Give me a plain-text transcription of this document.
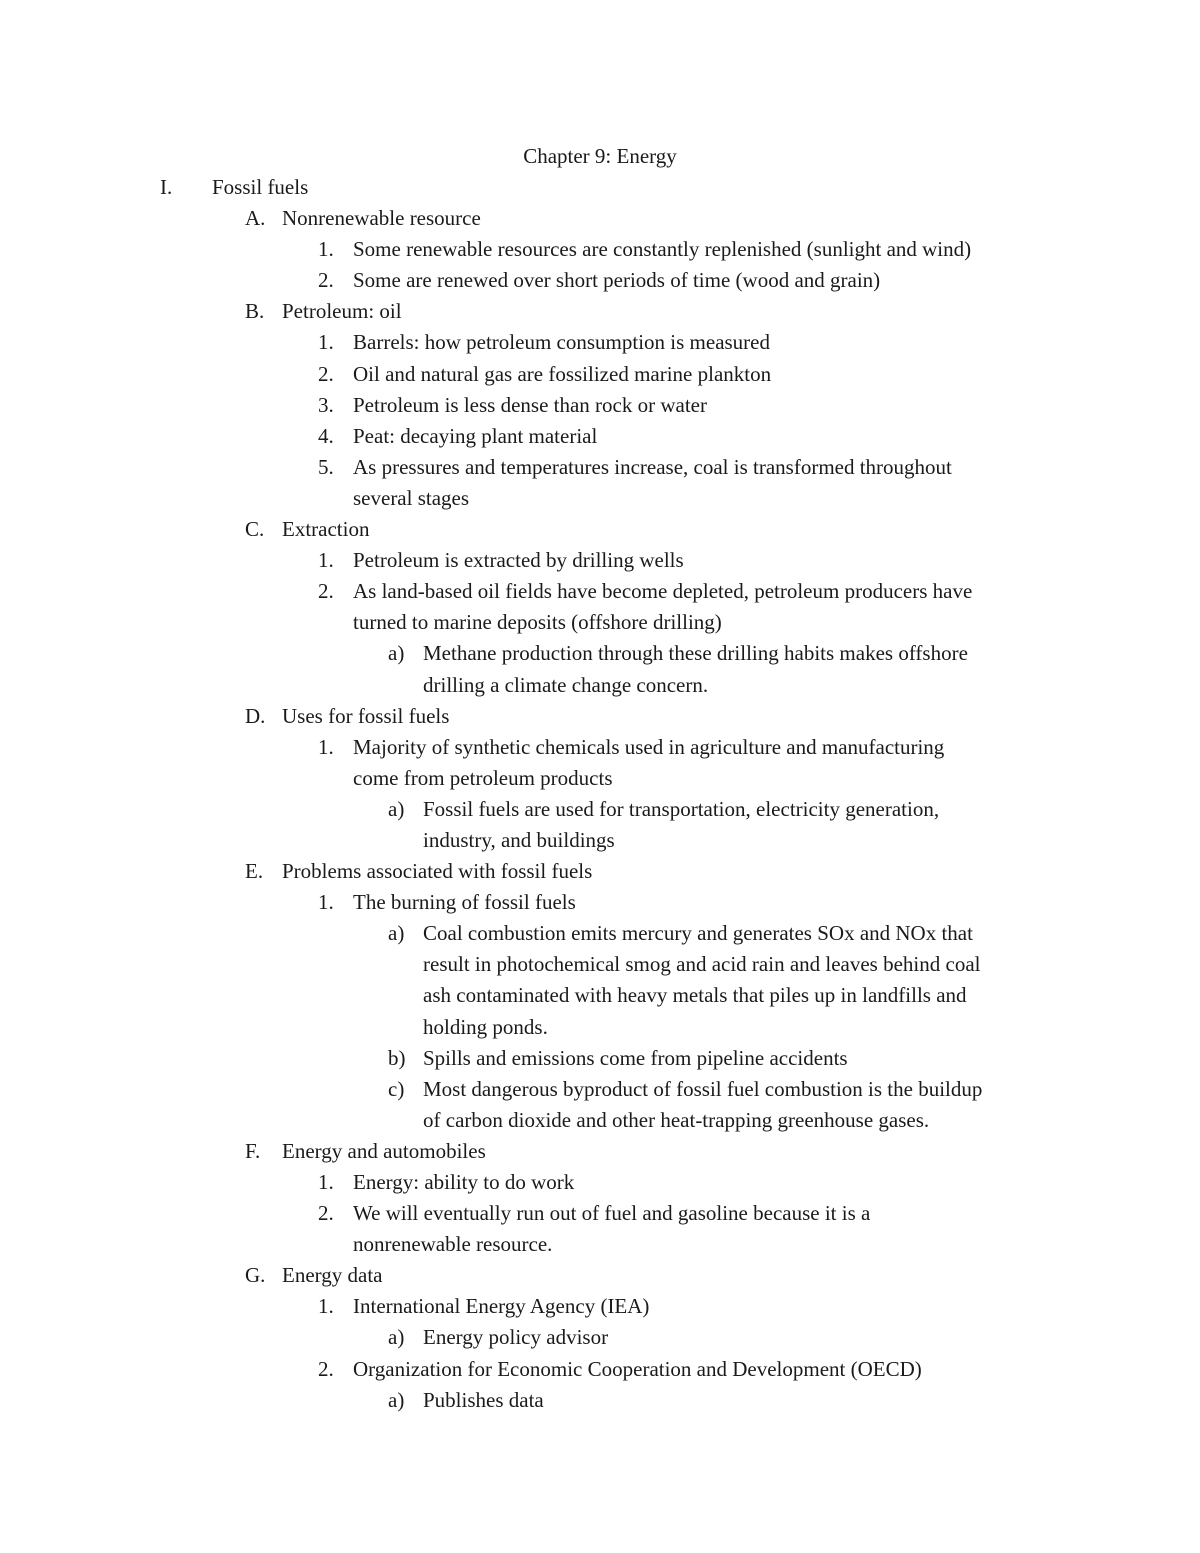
Chapter 9: Energy
I. Fossil fuels
A. Nonrenewable resource
1. Some renewable resources are constantly replenished (sunlight and wind)
2. Some are renewed over short periods of time (wood and grain)
B. Petroleum: oil
1. Barrels: how petroleum consumption is measured
2. Oil and natural gas are fossilized marine plankton
3. Petroleum is less dense than rock or water
4. Peat: decaying plant material
5. As pressures and temperatures increase, coal is transformed throughout
several stages
C. Extraction
1. Petroleum is extracted by drilling wells
2. As land-based oil fields have become depleted, petroleum producers have
turned to marine deposits (offshore drilling)
a) Methane production through these drilling habits makes offshore
drilling a climate change concern.
D. Uses for fossil fuels
1. Majority of synthetic chemicals used in agriculture and manufacturing
come from petroleum products
a) Fossil fuels are used for transportation, electricity generation,
industry, and buildings
E. Problems associated with fossil fuels
1. The burning of fossil fuels
a) Coal combustion emits mercury and generates SOx and NOx that
result in photochemical smog and acid rain and leaves behind coal
ash contaminated with heavy metals that piles up in landfills and
holding ponds.
b) Spills and emissions come from pipeline accidents
c) Most dangerous byproduct of fossil fuel combustion is the buildup
of carbon dioxide and other heat-trapping greenhouse gases.
F. Energy and automobiles
1. Energy: ability to do work
2. We will eventually run out of fuel and gasoline because it is a
nonrenewable resource.
G. Energy data
1. International Energy Agency (IEA)
a) Energy policy advisor
2. Organization for Economic Cooperation and Development (OECD)
a) Publishes data
